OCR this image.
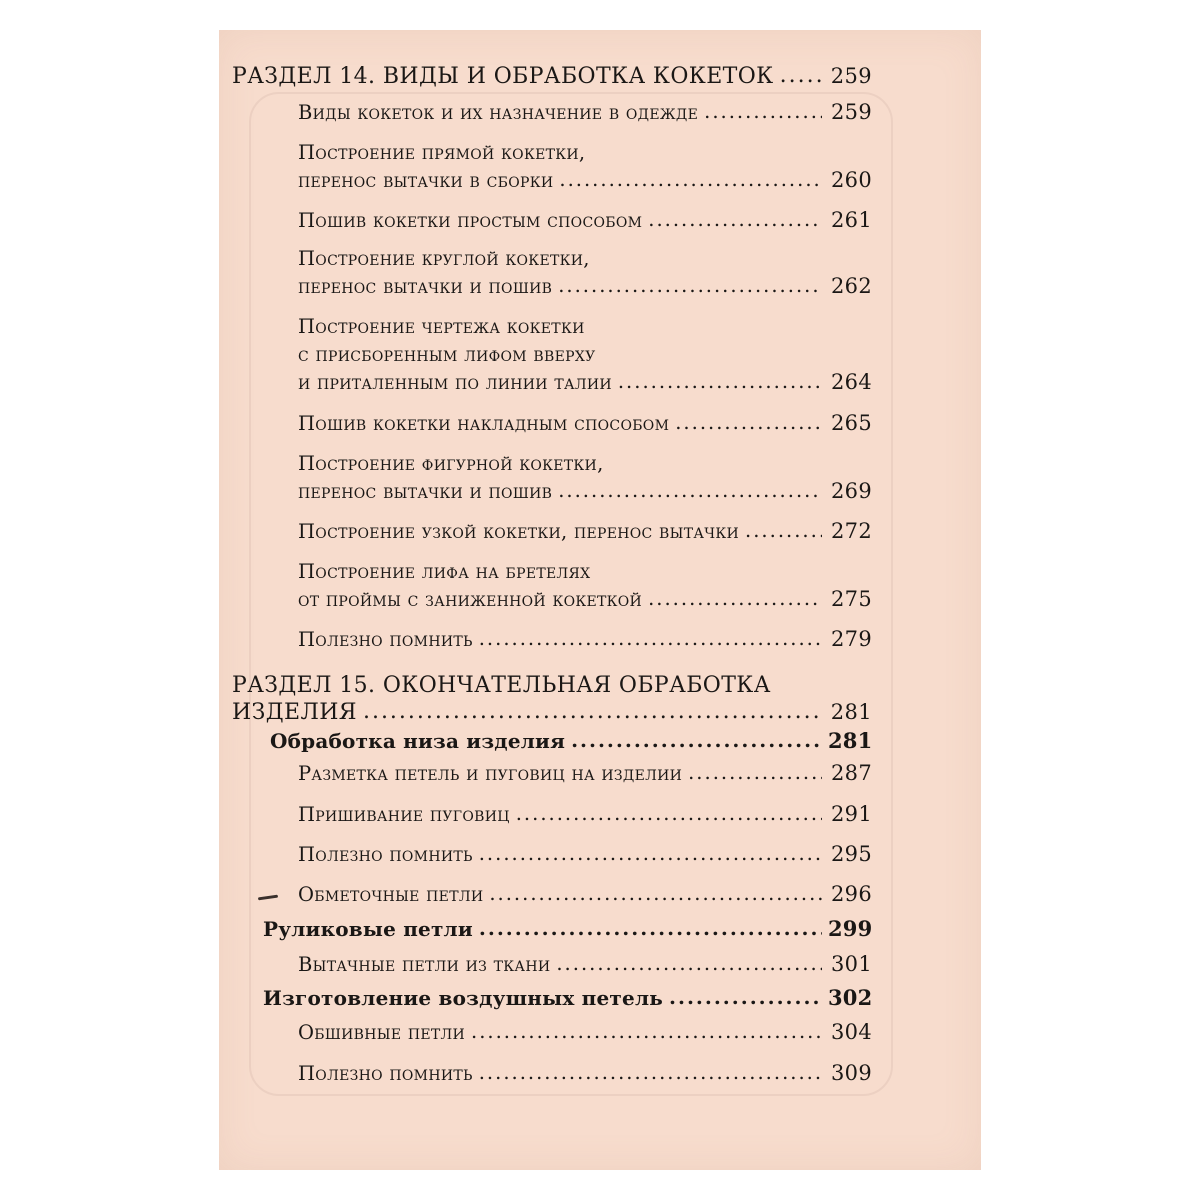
РАЗДЕЛ 14. ВИДЫ И ОБРАБОТКА КОКЕТОК .....	259
Виды кокеток и их назначение в одежде .....	259
Построение прямой кокетки,
перенос вытачки в сборки .....	260
Пошив кокетки простым способом .....	261
Построение круглой кокетки,
перенос вытачки и пошив .....	262
Построение чертежа кокетки
с присборенным лифом вверху
и приталенным по линии талии .....	264
Пошив кокетки накладным способом .....	265
Построение фигурной кокетки,
перенос вытачки и пошив .....	269
Построение узкой кокетки, перенос вытачки .....	272
Построение лифа на бретелях
от проймы с заниженной кокеткой .....	275
Полезно помнить .....	279
РАЗДЕЛ 15. ОКОНЧАТЕЛЬНАЯ ОБРАБОТКА
ИЗДЕЛИЯ .....	281
Обработка низа изделия .....	281
Разметка петель и пуговиц на изделии .....	287
Пришивание пуговиц .....	291
Полезно помнить .....	295
Обметочные петли .....	296
Руликовые петли .....	299
Вытачные петли из ткани .....	301
Изготовление воздушных петель .....	302
Обшивные петли .....	304
Полезно помнить .....	309
